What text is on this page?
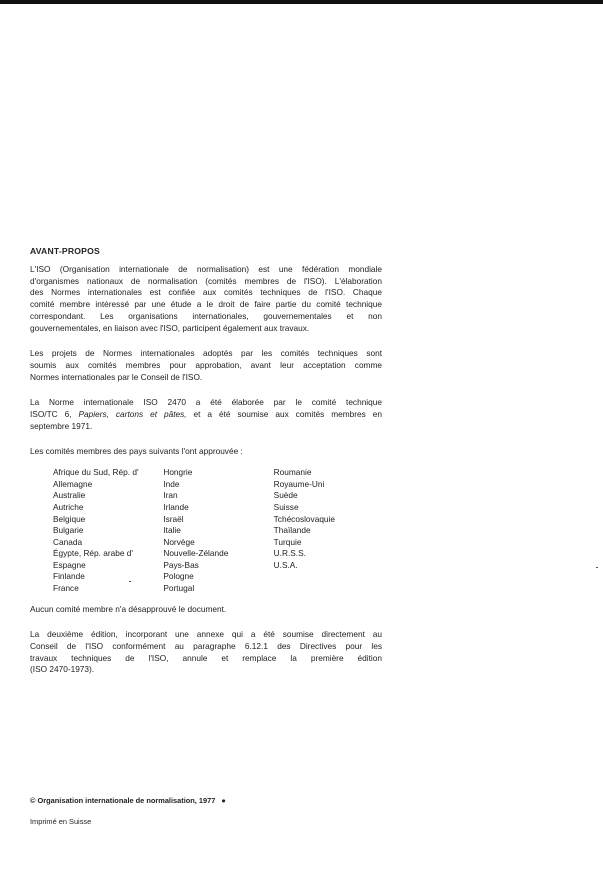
AVANT-PROPOS
L'ISO (Organisation internationale de normalisation) est une fédération mondiale
d'organismes nationaux de normalisation (comités membres de l'ISO). L'élaboration
des Normes internationales est confiée aux comités techniques de l'ISO. Chaque
comité membre intéressé par une étude a le droit de faire partie du comité technique
correspondant. Les organisations internationales, gouvernementales et non
gouvernementales, en liaison avec l'ISO, participent également aux travaux.
Les projets de Normes internationales adoptés par les comités techniques sont
soumis aux comités membres pour approbation, avant leur acceptation comme
Normes internationales par le Conseil de l'ISO.
La Norme internationale ISO 2470 a été élaborée par le comité technique
ISO/TC 6, Papiers, cartons et pâtes, et a été soumise aux comités membres en
septembre 1971.
Les comités membres des pays suivants l'ont approuvée :
Afrique du Sud, Rép. d'
Allemagne
Australie
Autriche
Belgique
Bulgarie
Canada
Égypte, Rép. arabe d'
Espagne
Finlande
France
Hongrie
Inde
Iran
Irlande
Israël
Italie
Norvège
Nouvelle-Zélande
Pays-Bas
Pologne
Portugal
Roumanie
Royaume-Uni
Suède
Suisse
Tchécoslovaquie
Thaïlande
Turquie
U.R.S.S.
U.S.A.
Aucun comité membre n'a désapprouvé le document.
La deuxième édition, incorporant une annexe qui a été soumise directement au
Conseil de l'ISO conformément au paragraphe 6.12.1 des Directives pour les
travaux techniques de l'ISO, annule et remplace la première édition
(ISO 2470-1973).
© Organisation internationale de normalisation, 1977 ●
Imprimé en Suisse
